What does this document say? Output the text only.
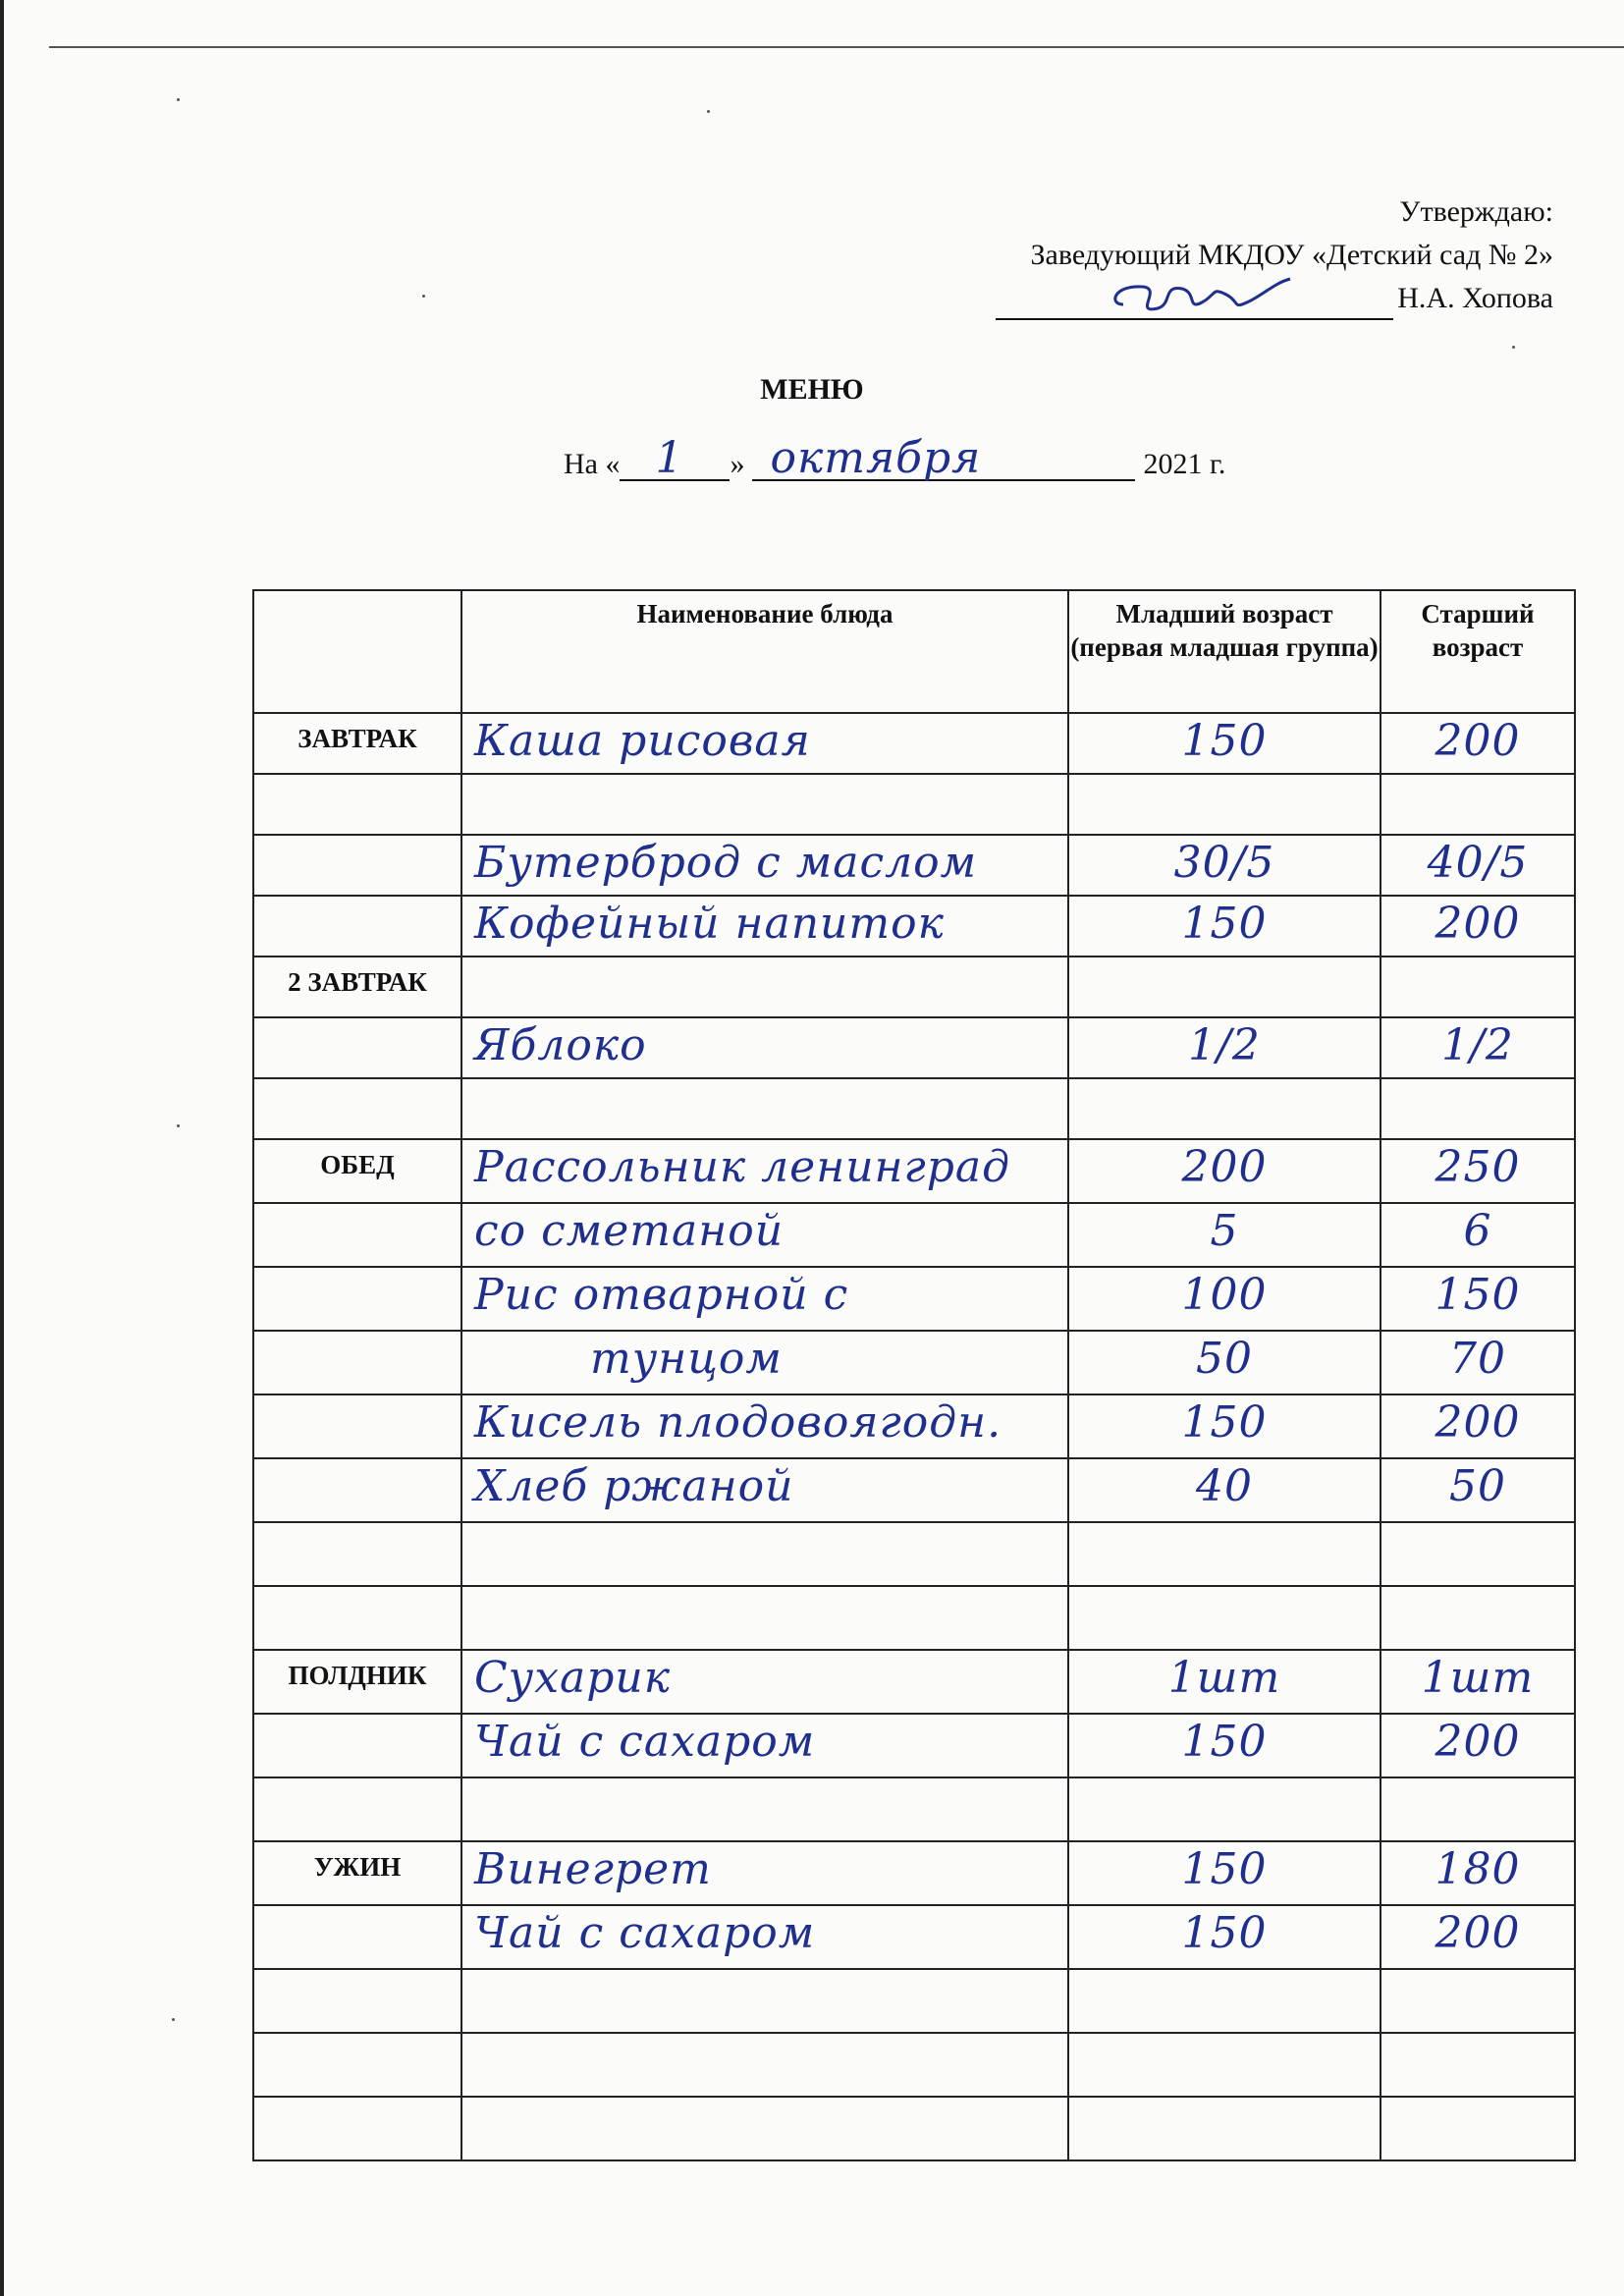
Утверждаю:
Заведующий МКДОУ «Детский сад № 2»
Н.А. Хопова
МЕНЮ
На « 1 » октября	2021 г.
	Наименование блюда	Младший возраст (первая младшая группа)	Старший возраст
ЗАВТРАК	Каша рисовая	150	200

	Бутерброд с маслом	30/5	40/5

	Кофейный напиток	150	200

2 ЗАВТРАК	

	Яблоко	1/2	1/2

ОБЕД	Рассольник ленинград	200	250

	со сметаной	5	6

	Рис отварной с	100	150

	тунцом	50	70

	Кисель плодовоягодн.	150	200

	Хлеб ржаной	40	50

ПОЛДНИК	Сухарик	1шт	1шт

	Чай с сахаром	150	200

УЖИН	Винегрет	150	180

	Чай с сахаром	150	200
